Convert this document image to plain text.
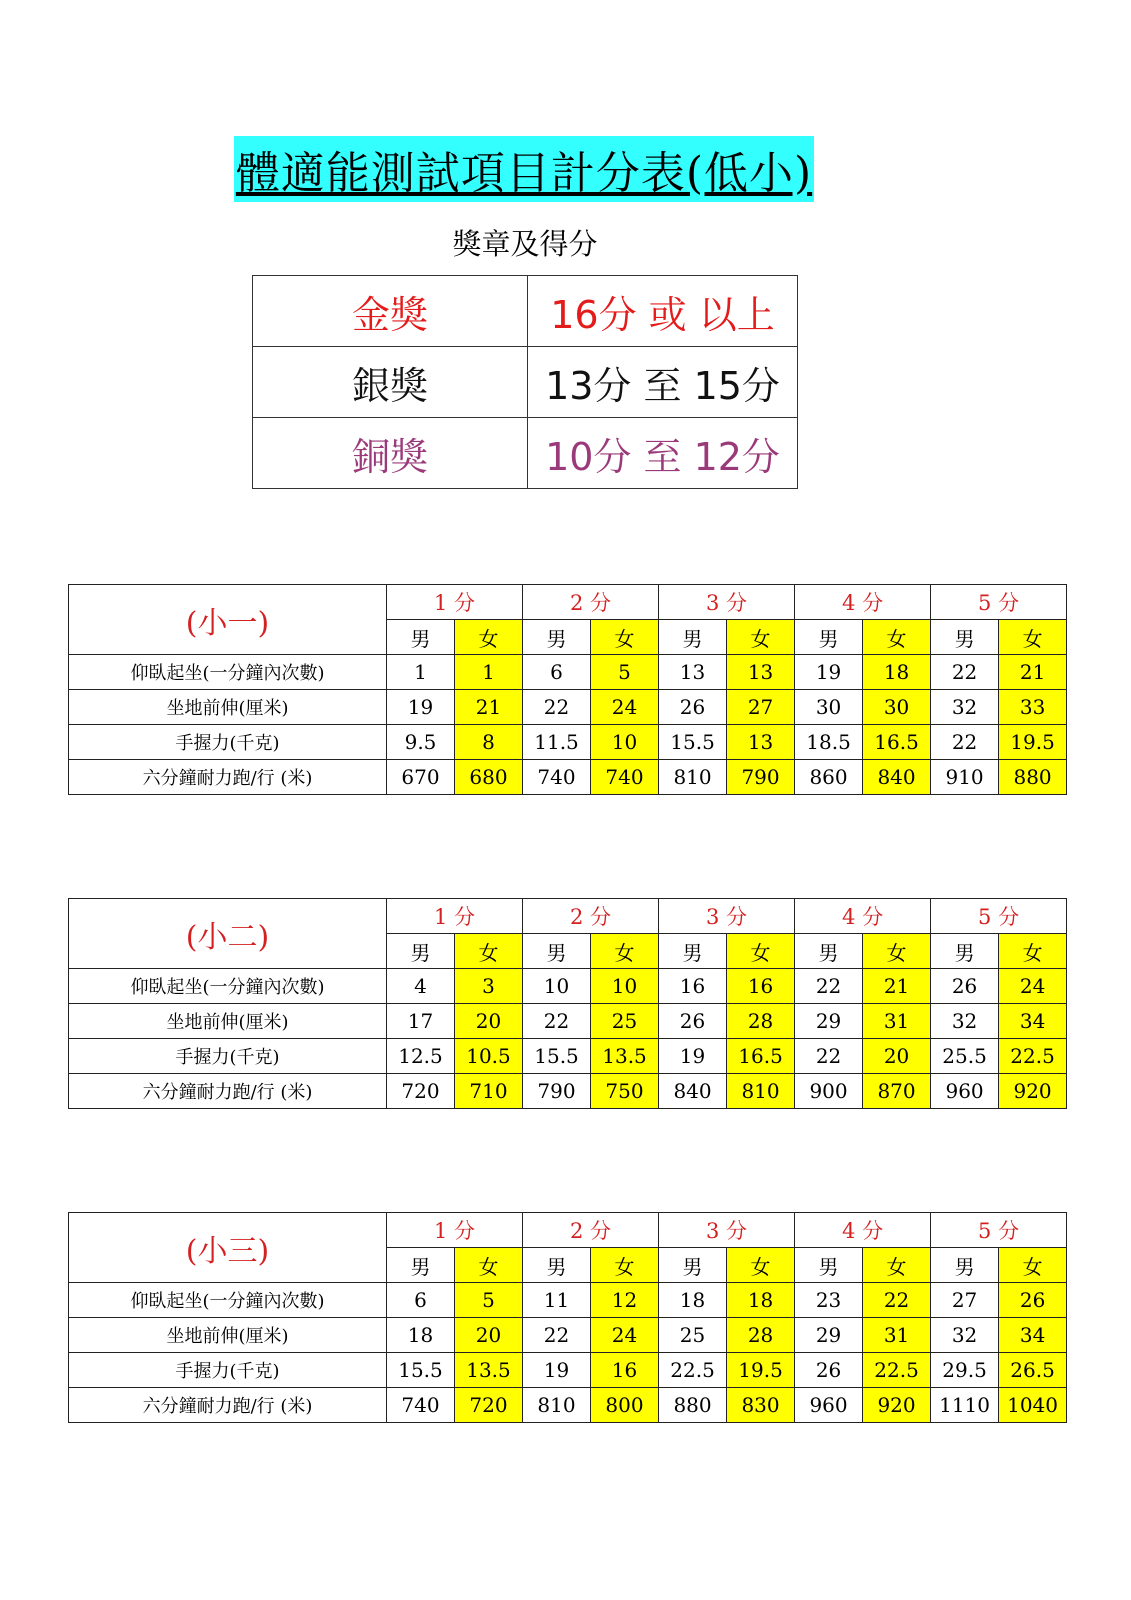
體適能測試項目計分表(低小)
獎章及得分
金獎	16分 或 以上
銀獎	13分 至 15分
銅獎	10分 至 12分
(小一)	1 分		2 分		3 分		4 分		5 分	
	男	女	男	女	男	女	男	女	男	女
仰臥起坐(一分鐘內次數)	1	1	6	5	13	13	19	18	22	21
坐地前伸(厘米)	19	21	22	24	26	27	30	30	32	33
手握力(千克)	9.5	8	11.5	10	15.5	13	18.5	16.5	22	19.5
六分鐘耐力跑/行 (米)	670	680	740	740	810	790	860	840	910	880
(小二)	1 分		2 分		3 分		4 分		5 分	
	男	女	男	女	男	女	男	女	男	女
仰臥起坐(一分鐘內次數)	4	3	10	10	16	16	22	21	26	24
坐地前伸(厘米)	17	20	22	25	26	28	29	31	32	34
手握力(千克)	12.5	10.5	15.5	13.5	19	16.5	22	20	25.5	22.5
六分鐘耐力跑/行 (米)	720	710	790	750	840	810	900	870	960	920
(小三)	1 分		2 分		3 分		4 分		5 分	
	男	女	男	女	男	女	男	女	男	女
仰臥起坐(一分鐘內次數)	6	5	11	12	18	18	23	22	27	26
坐地前伸(厘米)	18	20	22	24	25	28	29	31	32	34
手握力(千克)	15.5	13.5	19	16	22.5	19.5	26	22.5	29.5	26.5
六分鐘耐力跑/行 (米)	740	720	810	800	880	830	960	920	1110	1040
